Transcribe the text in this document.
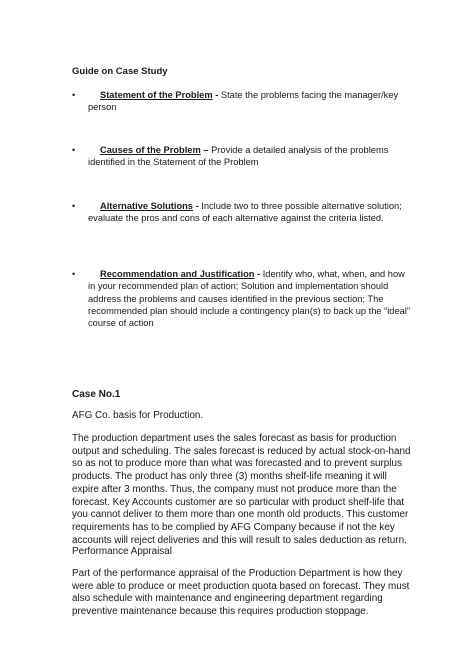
Guide on Case Study
•	Statement of the Problem - State the problems facing the manager/key person
•	Causes of the Problem – Provide a detailed analysis of the problems identified in the Statement of the Problem
•	Alternative Solutions - Include two to three possible alternative solution; evaluate the pros and cons of each alternative against the criteria listed.
•	Recommendation and Justification - Identify who, what, when, and how in your recommended plan of action; Solution and implementation should address the problems and causes identified in the previous section; The recommended plan should include a contingency plan(s) to back up the “ideal” course of action
Case No.1

AFG Co. basis for Production.

The production department uses the sales forecast as basis for production output and scheduling. The sales forecast is reduced by actual stock-on-hand so as not to produce more than what was forecasted and to prevent surplus products. The product has only three (3) months shelf-life meaning it will expire after 3 months. Thus, the company must not produce more than the forecast. Key Accounts customer are so particular with product shelf-life that you cannot deliver to them more than one month old products. This customer requirements has to be complied by AFG Company because if not the key accounts will reject deliveries and this will result to sales deduction as return.

Performance Appraisal

Part of the performance appraisal of the Production Department is how they were able to produce or meet production quota based on forecast. They must also schedule with maintenance and engineering department regarding preventive maintenance because this requires production stoppage.
